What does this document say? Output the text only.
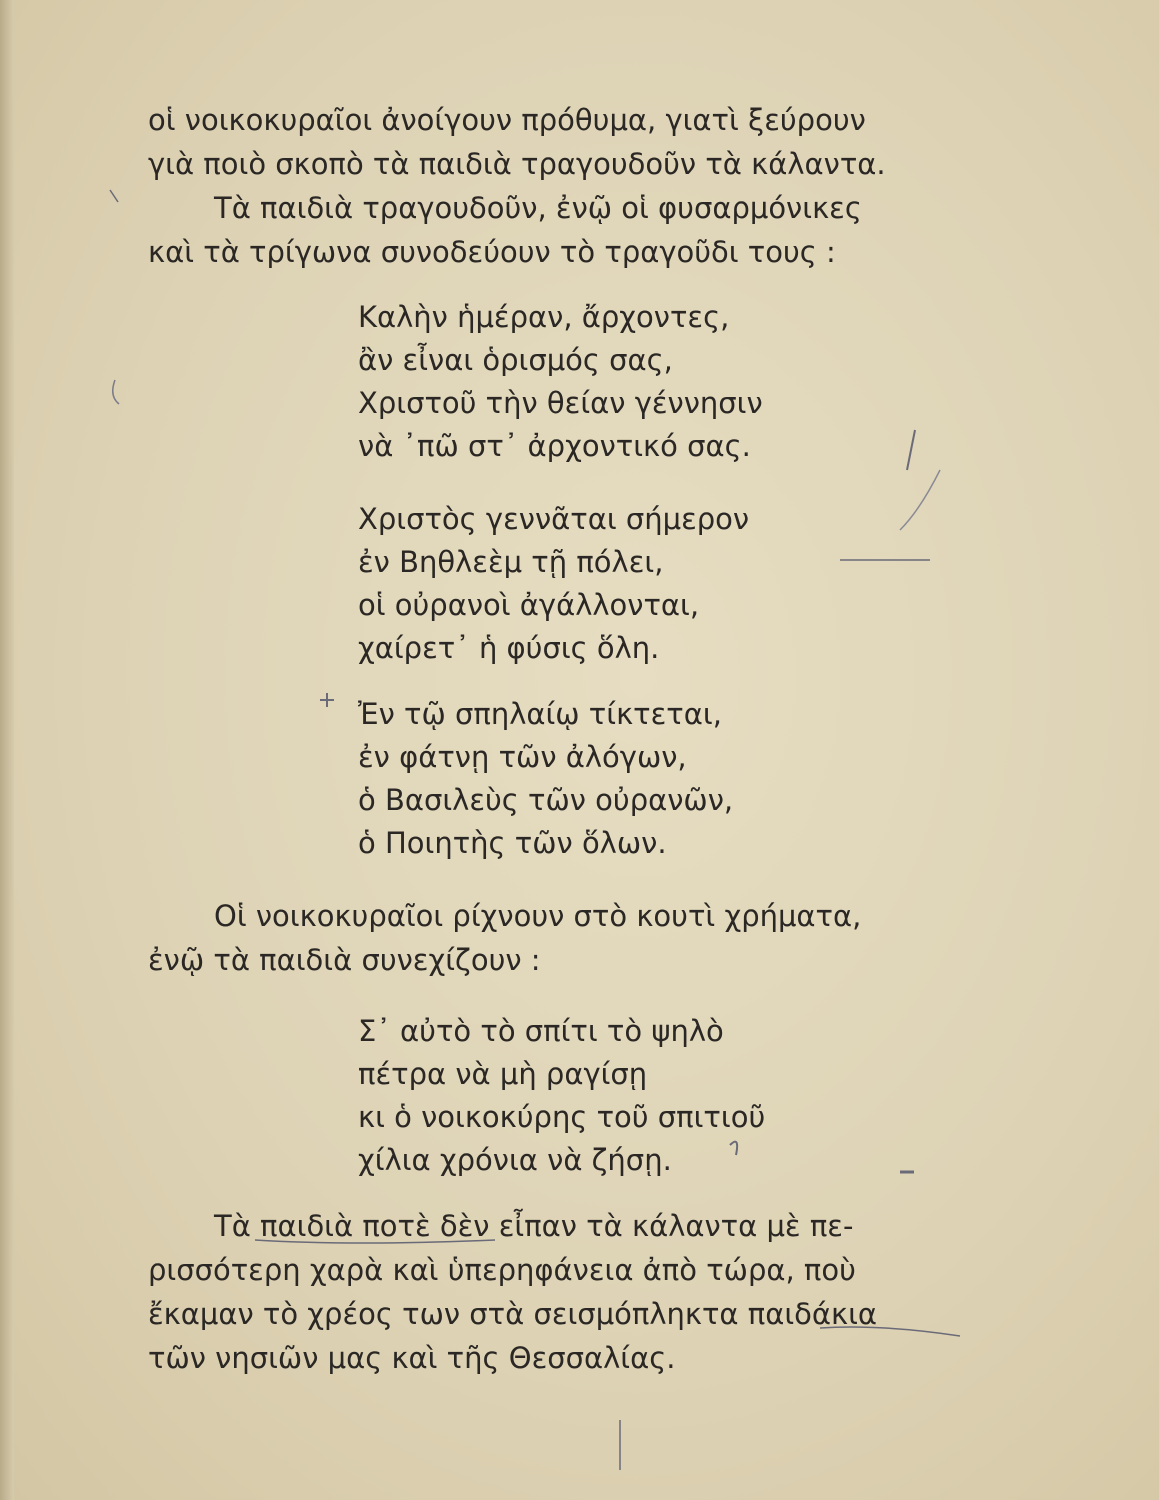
οἱ νοικοκυραῖοι ἀνοίγουν πρόθυμα, γιατὶ ξεύρουν

γιὰ ποιὸ σκοπὸ τὰ παιδιὰ τραγουδοῦν τὰ κάλαντα.

Τὰ παιδιὰ τραγουδοῦν, ἐνῷ οἱ φυσαρμόνικες

καὶ τὰ τρίγωνα συνοδεύουν τὸ τραγοῦδι τους :

Καλὴν ἡμέραν, ἄρχοντες,
ἂν εἶναι ὁρισμός σας,
Χριστοῦ τὴν θείαν γέννησιν
νὰ ᾿πῶ στ᾿ ἀρχοντικό σας.
Χριστὸς γεννᾶται σήμερον
ἐν Βηθλεὲμ τῇ πόλει,
οἱ οὐρανοὶ ἀγάλλονται,
χαίρετ᾿ ἡ φύσις ὅλη.
Ἐν τῷ σπηλαίῳ τίκτεται,
ἐν φάτνῃ τῶν ἀλόγων,
ὁ Βασιλεὺς τῶν οὐρανῶν,
ὁ Ποιητὴς τῶν ὅλων.

Οἱ νοικοκυραῖοι ρίχνουν στὸ κουτὶ χρήματα,

ἐνῷ τὰ παιδιὰ συνεχίζουν :

Σ᾿ αὐτὸ τὸ σπίτι τὸ ψηλὸ
πέτρα νὰ μὴ ραγίσῃ
κι ὁ νοικοκύρης τοῦ σπιτιοῦ
χίλια χρόνια νὰ ζήσῃ.

Τὰ παιδιὰ ποτὲ δὲν εἶπαν τὰ κάλαντα μὲ πε-

ρισσότερη χαρὰ καὶ ὑπερηφάνεια ἀπὸ τώρα, ποὺ

ἔκαμαν τὸ χρέος των στὰ σεισμόπληκτα παιδάκια

τῶν νησιῶν μας καὶ τῆς Θεσσαλίας.
